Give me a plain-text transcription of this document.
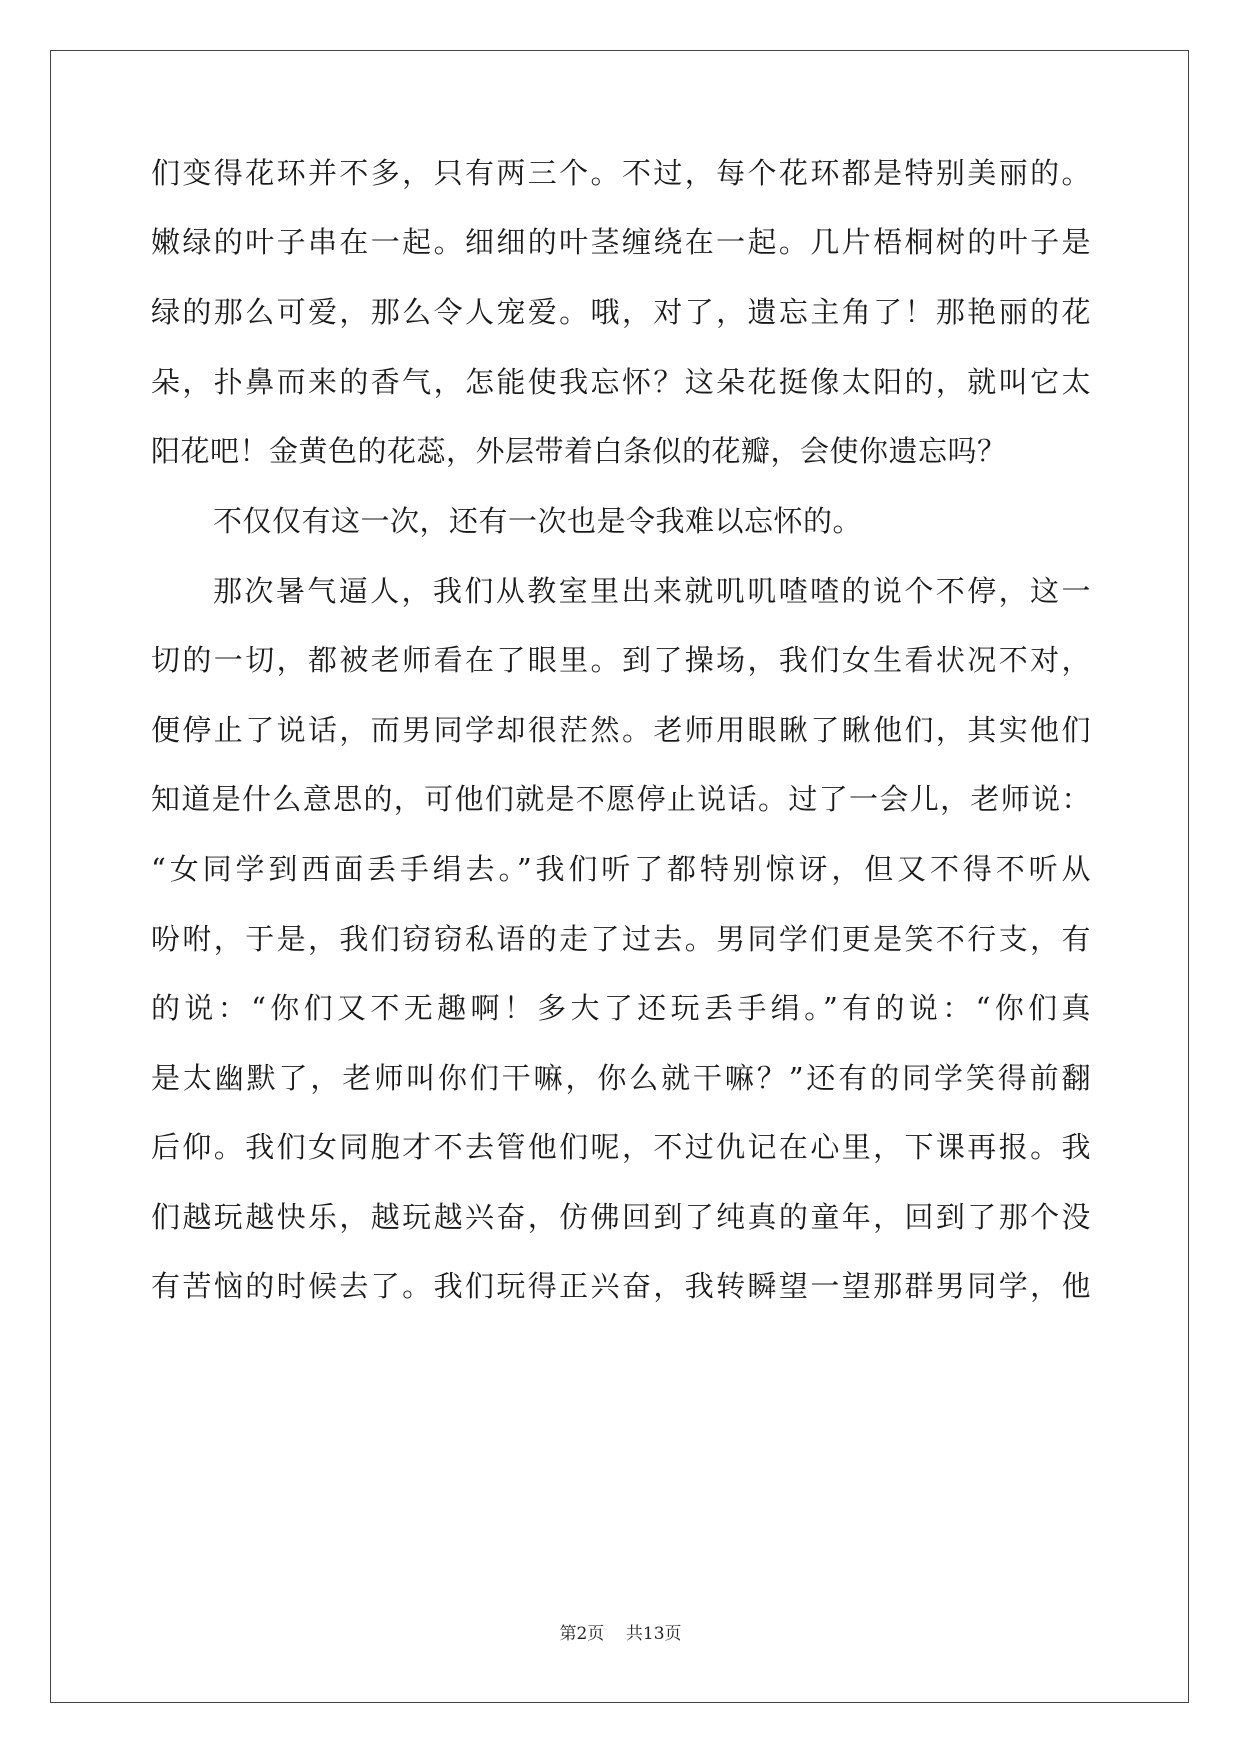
们变得花环并不多，只有两三个。不过，每个花环都是特别美丽的。
嫩绿的叶子串在一起。细细的叶茎缠绕在一起。几片梧桐树的叶子是
绿的那么可爱，那么令人宠爱。哦，对了，遗忘主角了！那艳丽的花
朵，扑鼻而来的香气，怎能使我忘怀？这朵花挺像太阳的，就叫它太
阳花吧！金黄色的花蕊，外层带着白条似的花瓣，会使你遗忘吗？
不仅仅有这一次，还有一次也是令我难以忘怀的。
那次暑气逼人，我们从教室里出来就叽叽喳喳的说个不停，这一
切的一切，都被老师看在了眼里。到了操场，我们女生看状况不对，
便停止了说话，而男同学却很茫然。老师用眼瞅了瞅他们，其实他们
知道是什么意思的，可他们就是不愿停止说话。过了一会儿，老师说：
“女同学到西面丢手绢去。”我们听了都特别惊讶，但又不得不听从
吩咐，于是，我们窃窃私语的走了过去。男同学们更是笑不行支，有
的说：“你们又不无趣啊！多大了还玩丢手绢。”有的说：“你们真
是太幽默了，老师叫你们干嘛，你么就干嘛？”还有的同学笑得前翻
后仰。我们女同胞才不去管他们呢，不过仇记在心里，下课再报。我
们越玩越快乐，越玩越兴奋，仿佛回到了纯真的童年，回到了那个没
有苦恼的时候去了。我们玩得正兴奋，我转瞬望一望那群男同学，他
第2页 共13页
